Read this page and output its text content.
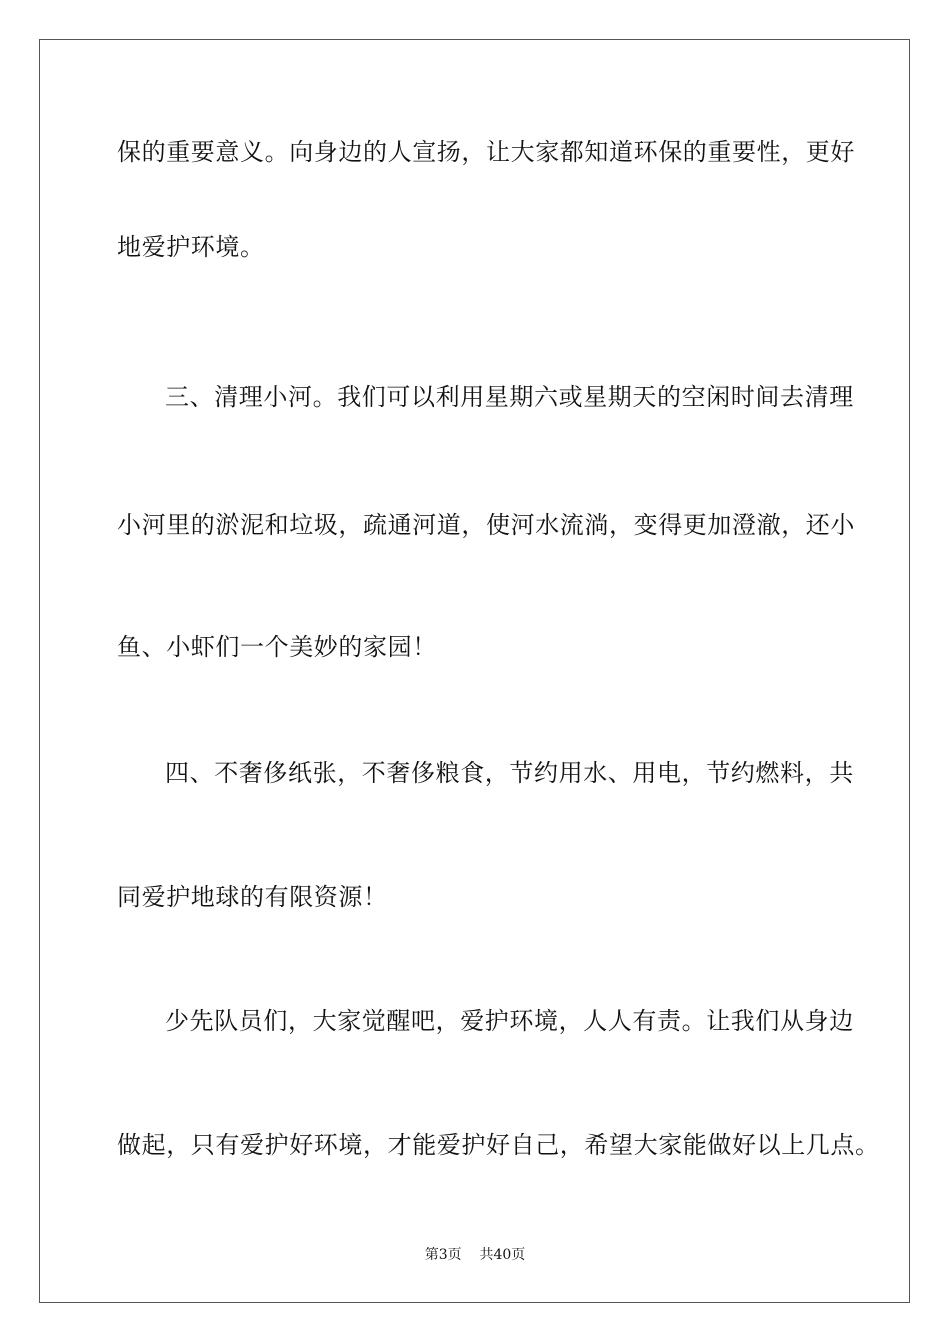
保的重要意义。向身边的人宣扬，让大家都知道环保的重要性，更好
地爱护环境。
三、清理小河。我们可以利用星期六或星期天的空闲时间去清理
小河里的淤泥和垃圾，疏通河道，使河水流淌，变得更加澄澈，还小
鱼、小虾们一个美妙的家园！
四、不奢侈纸张，不奢侈粮食，节约用水、用电，节约燃料，共
同爱护地球的有限资源！
少先队员们，大家觉醒吧，爱护环境，人人有责。让我们从身边
做起，只有爱护好环境，才能爱护好自己，希望大家能做好以上几点。
第3页 共40页
